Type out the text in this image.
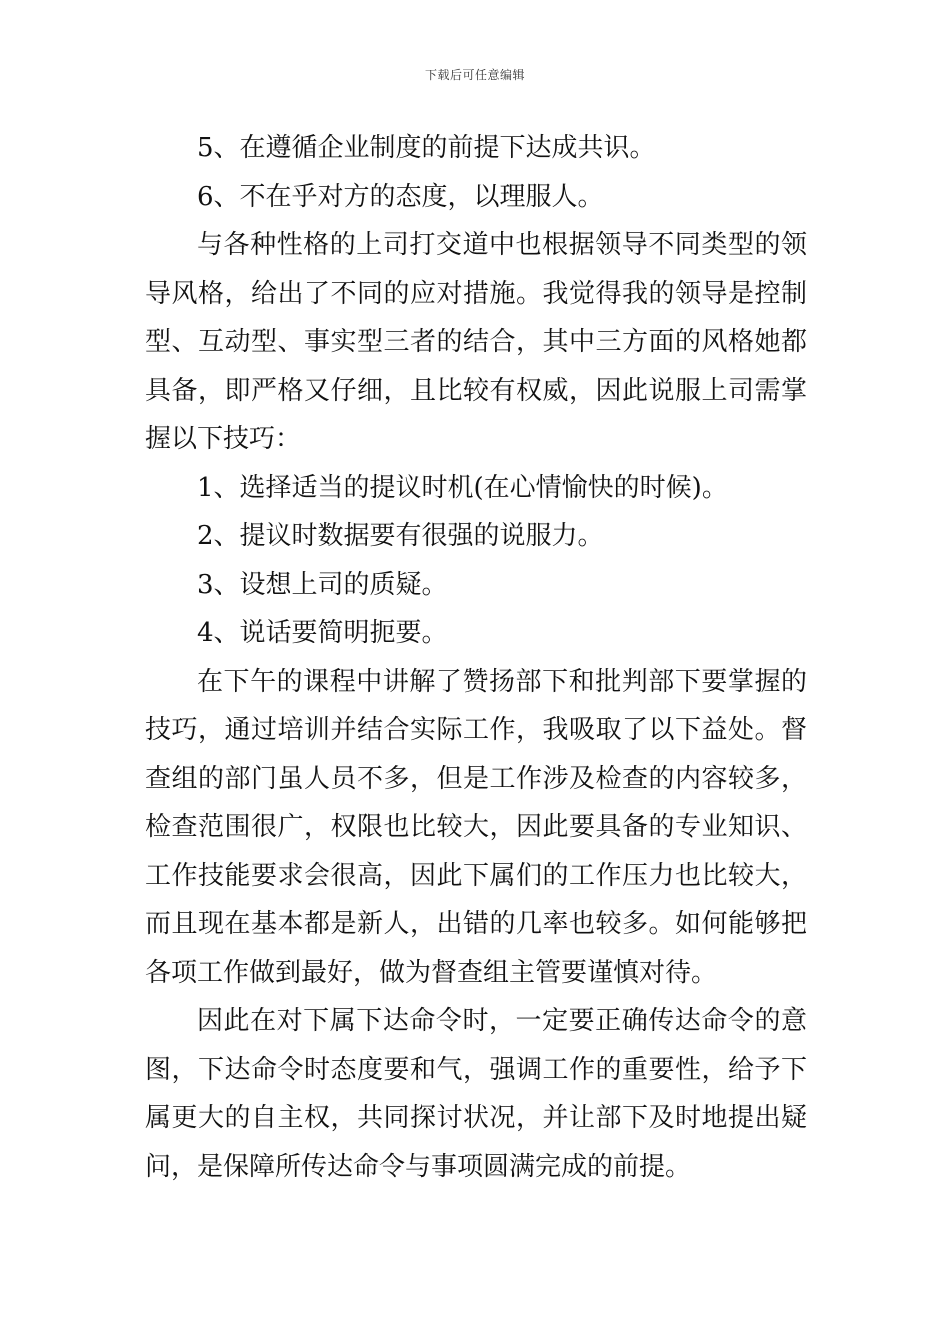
下载后可任意编辑

5、在遵循企业制度的前提下达成共识。

6、不在乎对方的态度，以理服人。

与各种性格的上司打交道中也根据领导不同类型的领导风格，给出了不同的应对措施。我觉得我的领导是控制型、互动型、事实型三者的结合，其中三方面的风格她都具备，即严格又仔细，且比较有权威，因此说服上司需掌握以下技巧：

1、选择适当的提议时机(在心情愉快的时候)。

2、提议时数据要有很强的说服力。

3、设想上司的质疑。

4、说话要简明扼要。

在下午的课程中讲解了赞扬部下和批判部下要掌握的技巧，通过培训并结合实际工作，我吸取了以下益处。督查组的部门虽人员不多，但是工作涉及检查的内容较多，检查范围很广，权限也比较大，因此要具备的专业知识、工作技能要求会很高，因此下属们的工作压力也比较大，而且现在基本都是新人，出错的几率也较多。如何能够把各项工作做到最好，做为督查组主管要谨慎对待。

因此在对下属下达命令时，一定要正确传达命令的意图，下达命令时态度要和气，强调工作的重要性，给予下属更大的自主权，共同探讨状况，并让部下及时地提出疑问，是保障所传达命令与事项圆满完成的前提。
